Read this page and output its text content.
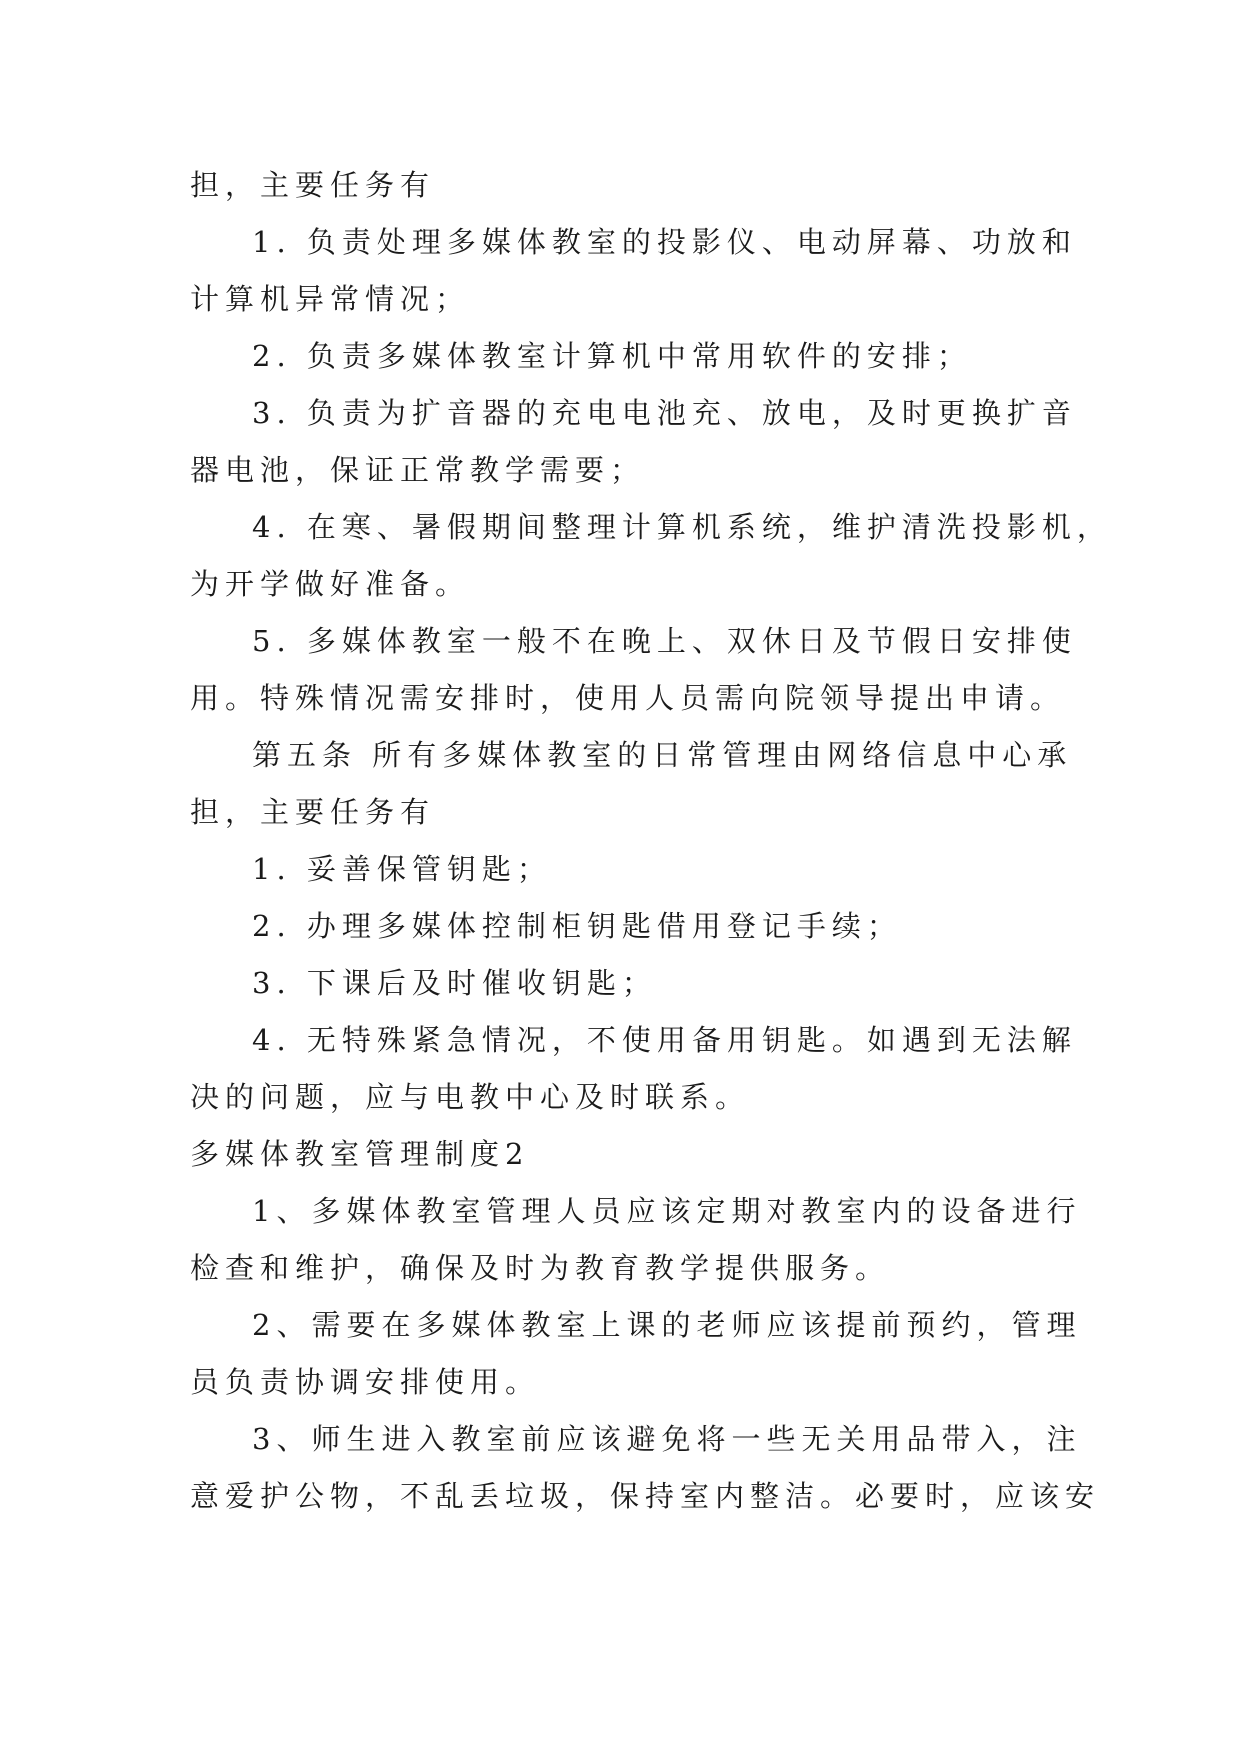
担，主要任务有
1. 负责处理多媒体教室的投影仪、电动屏幕、功放和
计算机异常情况；
2. 负责多媒体教室计算机中常用软件的安排；
3. 负责为扩音器的充电电池充、放电，及时更换扩音
器电池，保证正常教学需要；
4. 在寒、暑假期间整理计算机系统，维护清洗投影机，
为开学做好准备。
5. 多媒体教室一般不在晚上、双休日及节假日安排使
用。特殊情况需安排时，使用人员需向院领导提出申请。
第五条 所有多媒体教室的日常管理由网络信息中心承
担，主要任务有
1. 妥善保管钥匙；
2. 办理多媒体控制柜钥匙借用登记手续；
3. 下课后及时催收钥匙；
4. 无特殊紧急情况，不使用备用钥匙。如遇到无法解
决的问题，应与电教中心及时联系。
多媒体教室管理制度2
1、多媒体教室管理人员应该定期对教室内的设备进行
检查和维护，确保及时为教育教学提供服务。
2、需要在多媒体教室上课的老师应该提前预约，管理
员负责协调安排使用。
3、师生进入教室前应该避免将一些无关用品带入，注
意爱护公物，不乱丢垃圾，保持室内整洁。必要时，应该安
